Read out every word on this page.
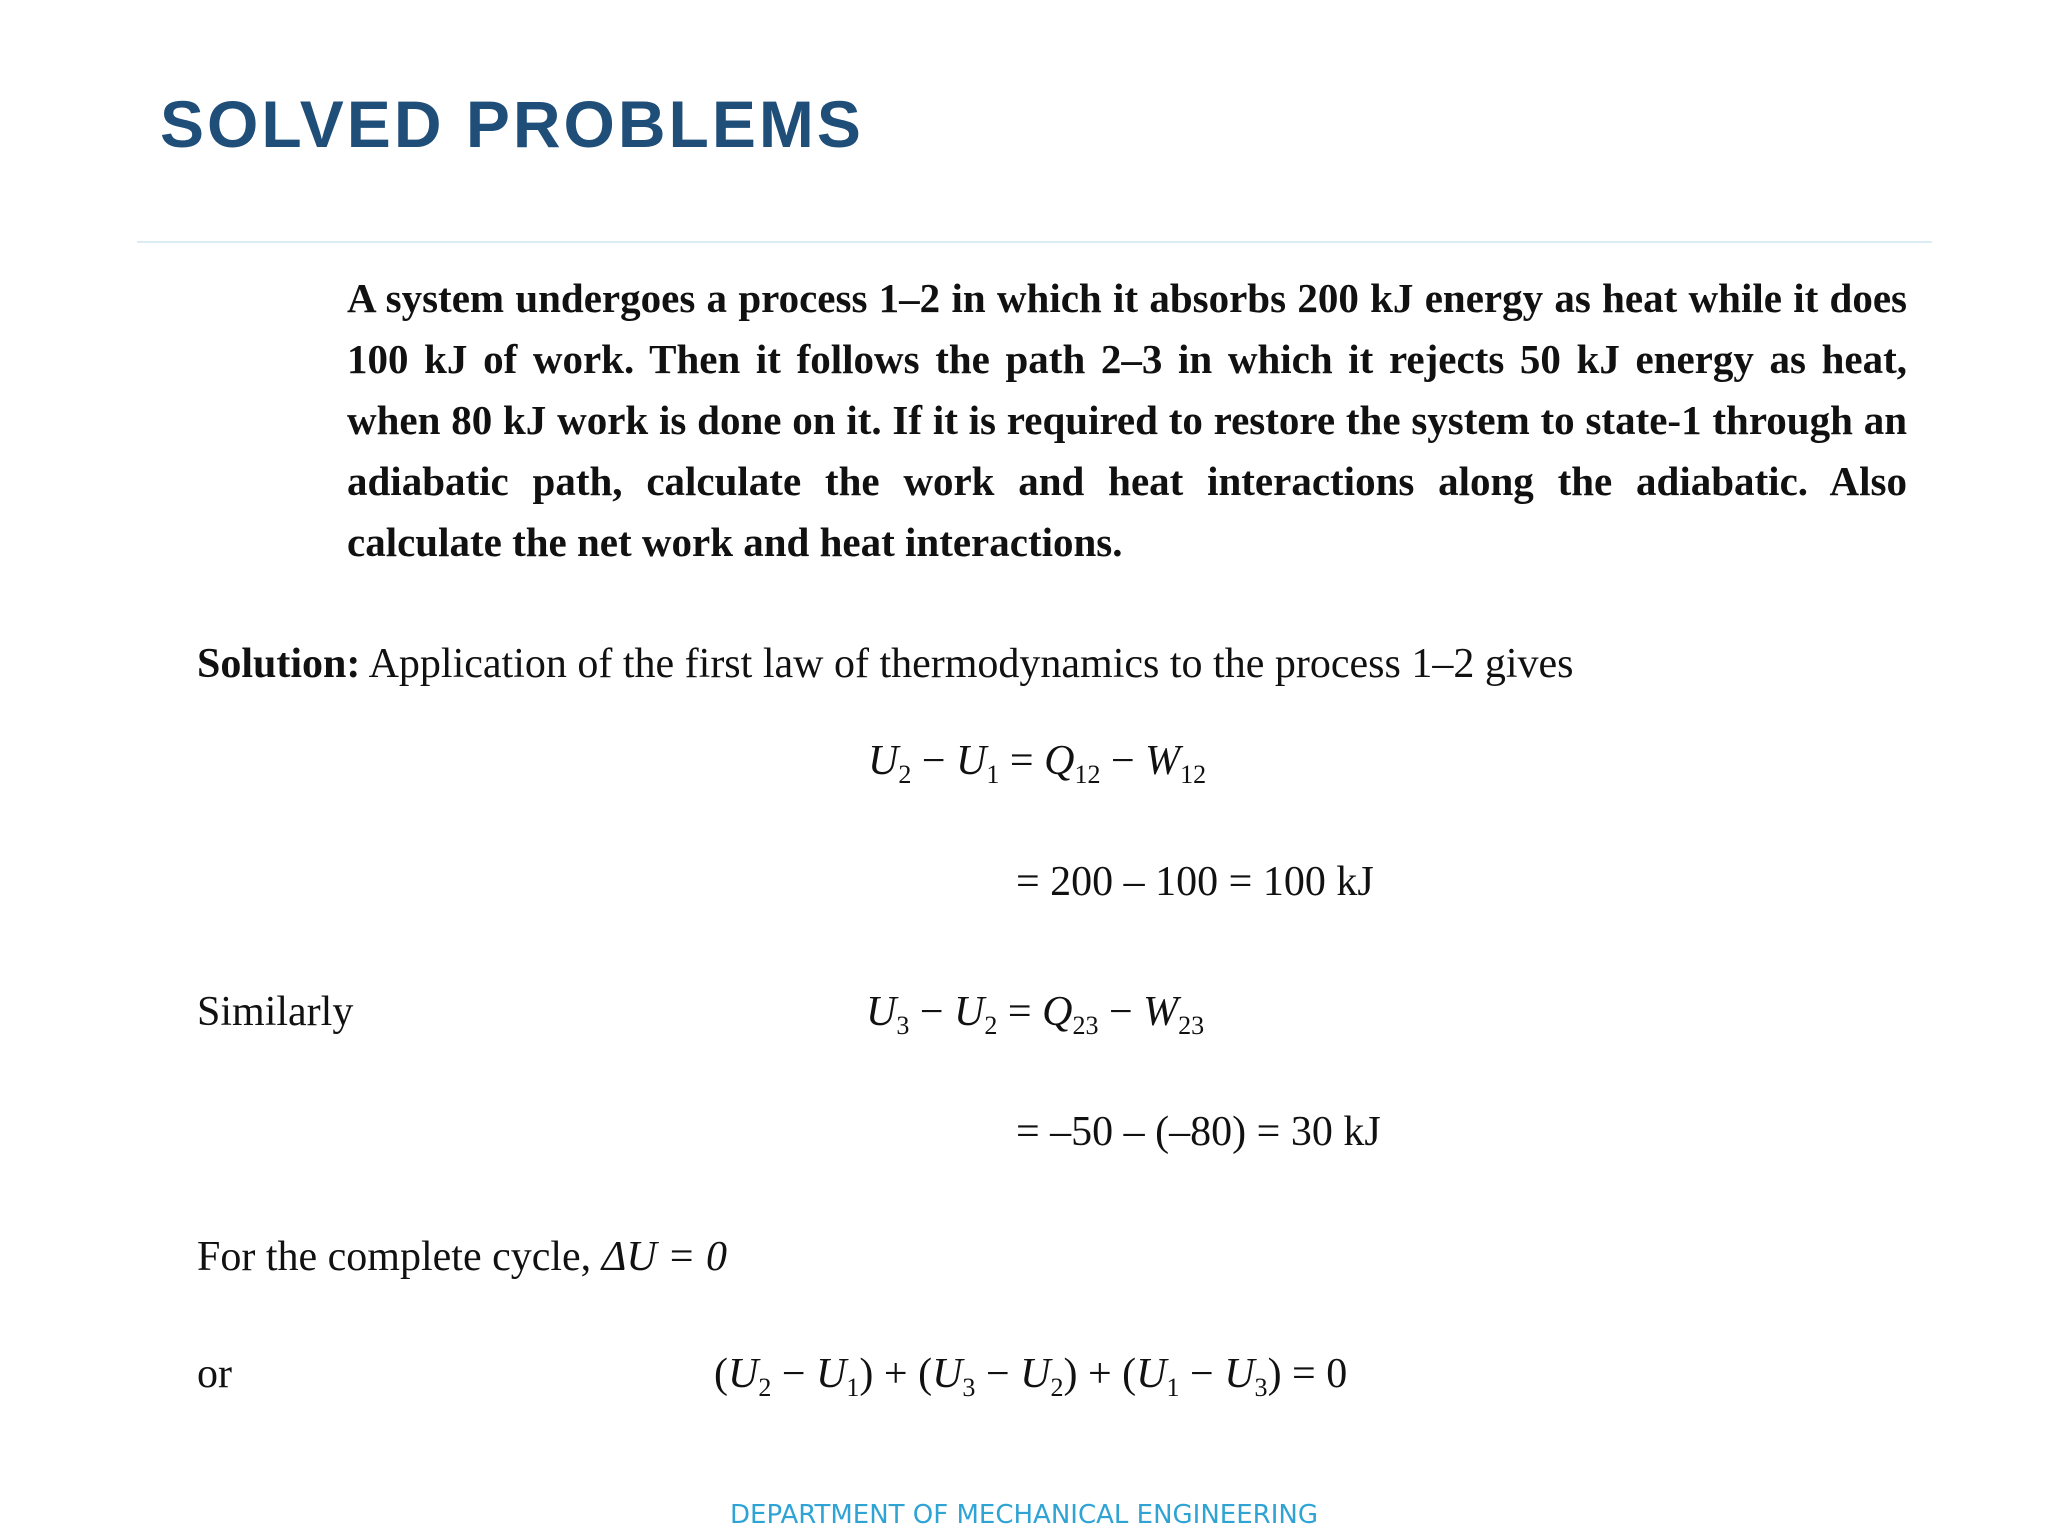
SOLVED PROBLEMS

A system undergoes a process 1–2 in which it absorbs 200 kJ energy as heat while it does 100 kJ of work. Then it follows the path 2–3 in which it rejects 50 kJ energy as heat, when 80 kJ work is done on it. If it is required to restore the system to state-1 through an adiabatic path, calculate the work and heat interactions along the adiabatic. Also calculate the net work and heat interactions.

Solution: Application of the first law of thermodynamics to the process 1–2 gives
$U_2 - U_1 = Q_{12} - W_{12}$
= 200 – 100 = 100 kJ
Similarly	$U_3 - U_2 = Q_{23} - W_{23}$
= –50 – (–80) = 30 kJ
For the complete cycle, ΔU = 0
or	$(U_2 - U_1) + (U_3 - U_2) + (U_1 - U_3) = 0$
DEPARTMENT OF MECHANICAL ENGINEERING
